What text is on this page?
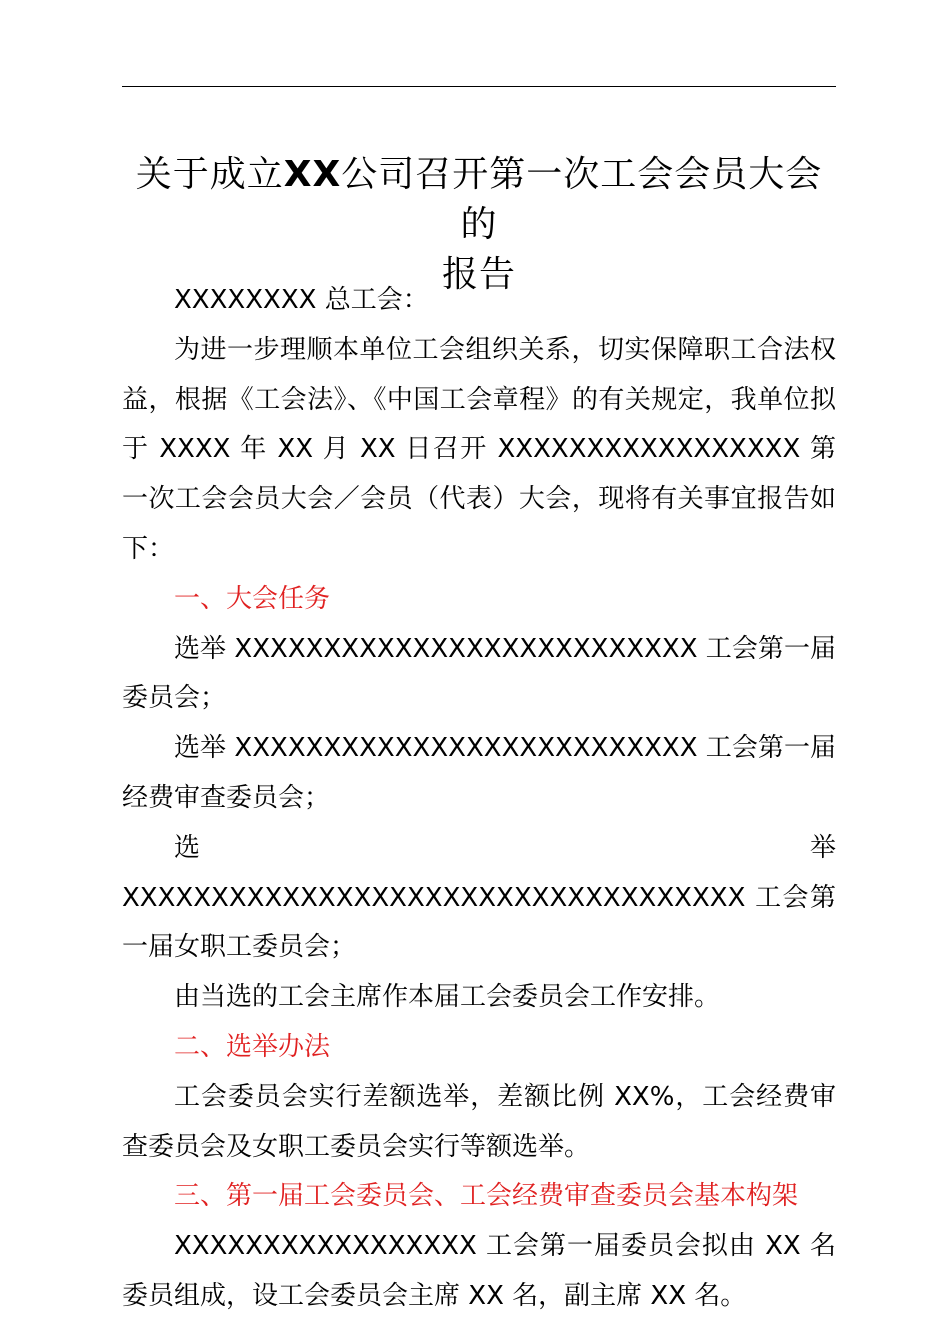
关于成立XX公司召开第一次工会会员大会的
报告

XXXXXXXX 总工会：

为进一步理顺本单位工会组织关系，切实保障职工合法权益，根据《工会法》、《中国工会章程》的有关规定，我单位拟于 XXXX 年 XX 月 XX 日召开 XXXXXXXXXXXXXXXXX 第一次工会会员大会／会员（代表）大会，现将有关事宜报告如下：

一、大会任务

选举 XXXXXXXXXXXXXXXXXXXXXXXXXX 工会第一届委员会；

选举 XXXXXXXXXXXXXXXXXXXXXXXXXX 工会第一届经费审查委员会；

选举 XXXXXXXXXXXXXXXXXXXXXXXXXXXXXXXXXXX 工会第一届女职工委员会；

由当选的工会主席作本届工会委员会工作安排。

二、选举办法

工会委员会实行差额选举，差额比例 XX%，工会经费审查委员会及女职工委员会实行等额选举。

三、第一届工会委员会、工会经费审查委员会基本构架

XXXXXXXXXXXXXXXXX 工会第一届委员会拟由 XX 名委员组成，设工会委员会主席 XX 名，副主席 XX 名。
